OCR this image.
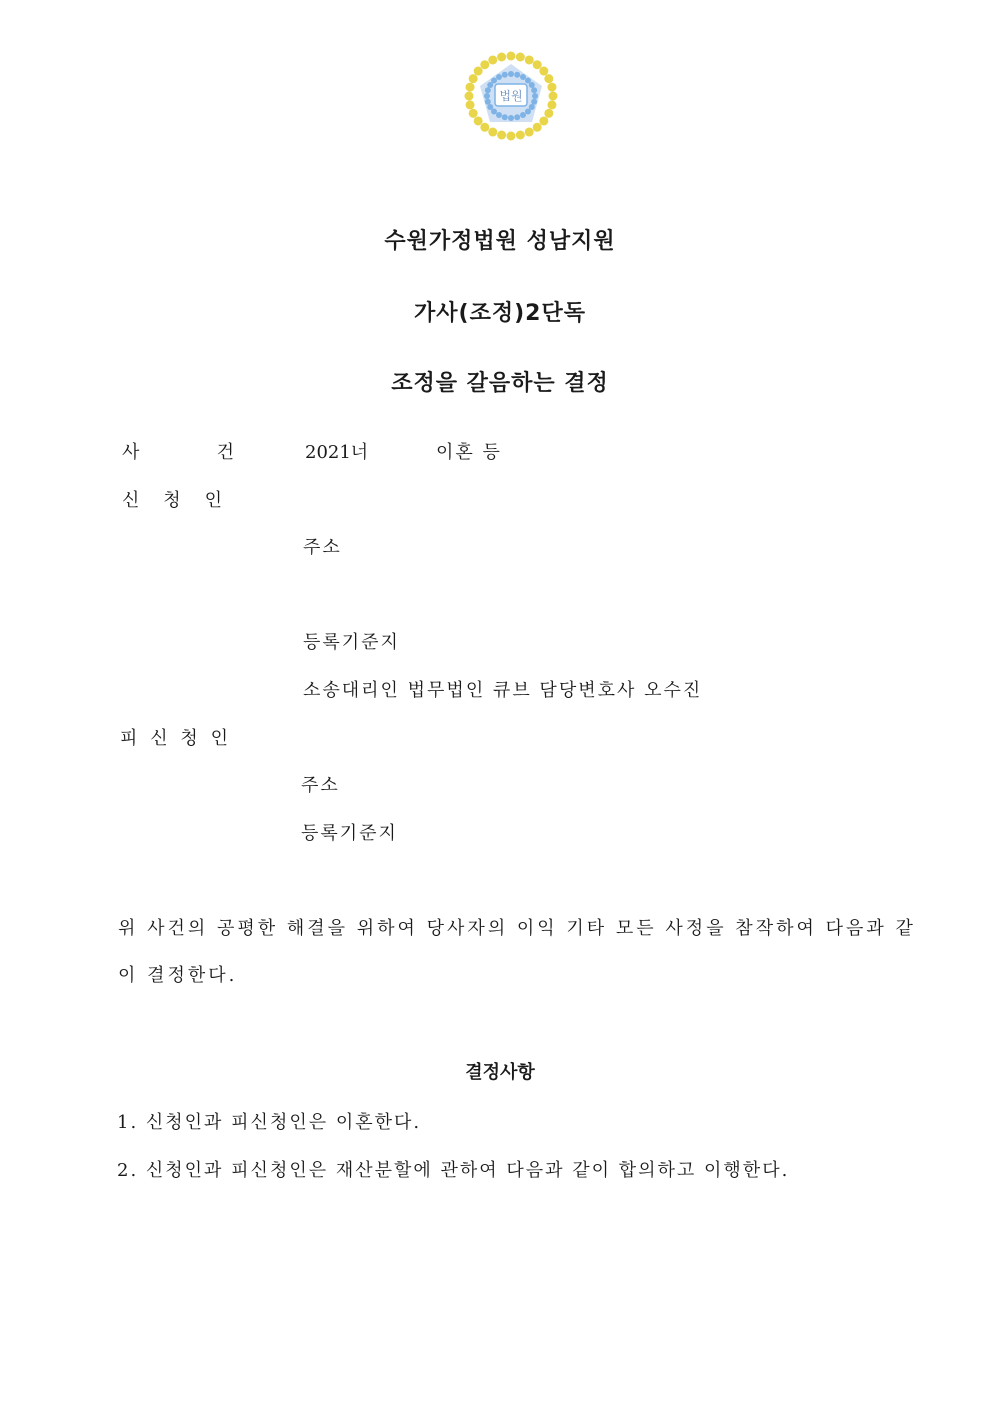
법원
수원가정법원 성남지원
가사(조정)2단독
조정을 갈음하는 결정
사 건	2021너	이혼 등
신 청 인
주소
등록기준지
소송대리인 법무법인 큐브 담당변호사 오수진
피 신 청 인
주소
등록기준지
위 사건의 공평한 해결을 위하여 당사자의 이익 기타 모든 사정을 참작하여 다음과 같
이 결정한다.
결정사항
1. 신청인과 피신청인은 이혼한다.
2. 신청인과 피신청인은 재산분할에 관하여 다음과 같이 합의하고 이행한다.
